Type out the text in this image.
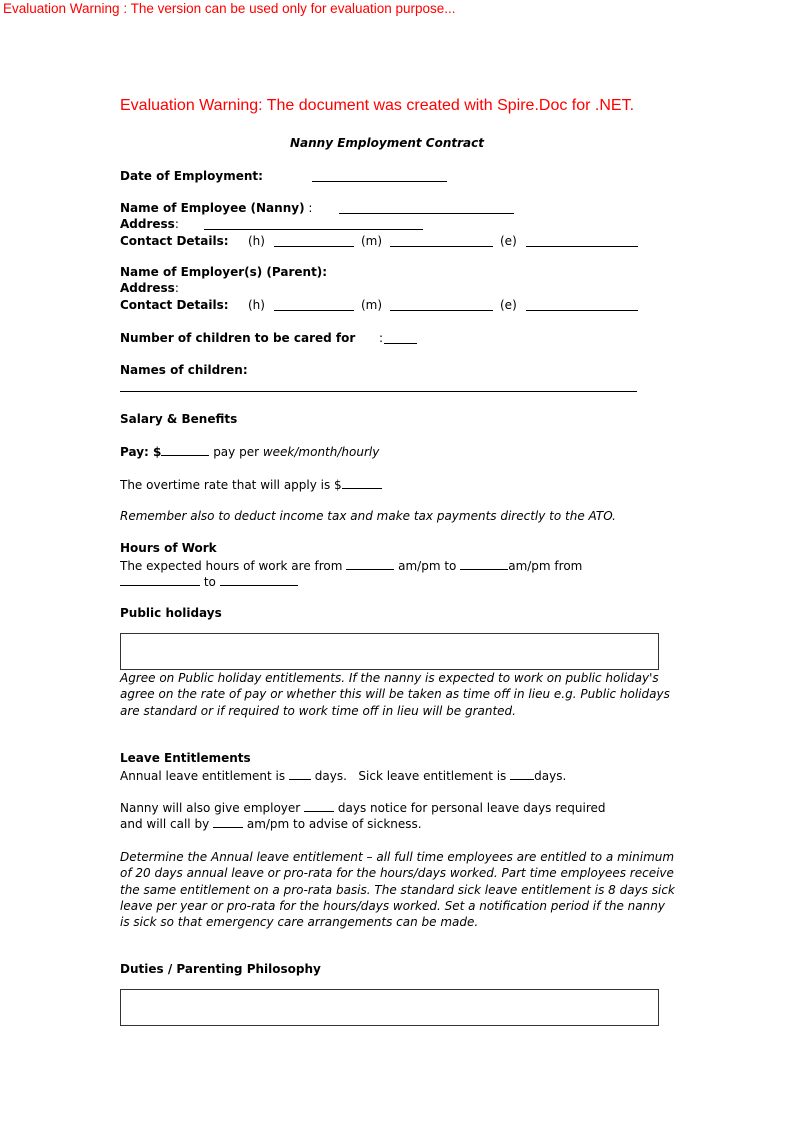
Evaluation Warning : The version can be used only for evaluation purpose...
Evaluation Warning: The document was created with Spire.Doc for .NET.
Nanny Employment Contract
Date of Employment:
Name of Employee (Nanny) :
Address:
Contact Details: (h)	(m)	(e)
Name of Employer(s) (Parent):
Address:
Contact Details: (h)	(m)	(e)
Number of children to be cared for :
Names of children:
Salary & Benefits
Pay: $	pay per week/month/hourly
The overtime rate that will apply is $
Remember also to deduct income tax and make tax payments directly to the ATO.
Hours of Work
The expected hours of work are from	am/pm to	am/pm from
to
Public holidays
Agree on Public holiday entitlements. If the nanny is expected to work on public holiday's agree on the rate of pay or whether this will be taken as time off in lieu e.g. Public holidays are standard or if required to work time off in lieu will be granted.
Leave Entitlements
Annual leave entitlement is days. Sick leave entitlement is days.
Nanny will also give employer	days notice for personal leave days required
and will call by	am/pm to advise of sickness.
Determine the Annual leave entitlement – all full time employees are entitled to a minimum of 20 days annual leave or pro-rata for the hours/days worked. Part time employees receive the same entitlement on a pro-rata basis. The standard sick leave entitlement is 8 days sick leave per year or pro-rata for the hours/days worked. Set a notification period if the nanny is sick so that emergency care arrangements can be made.
Duties / Parenting Philosophy
